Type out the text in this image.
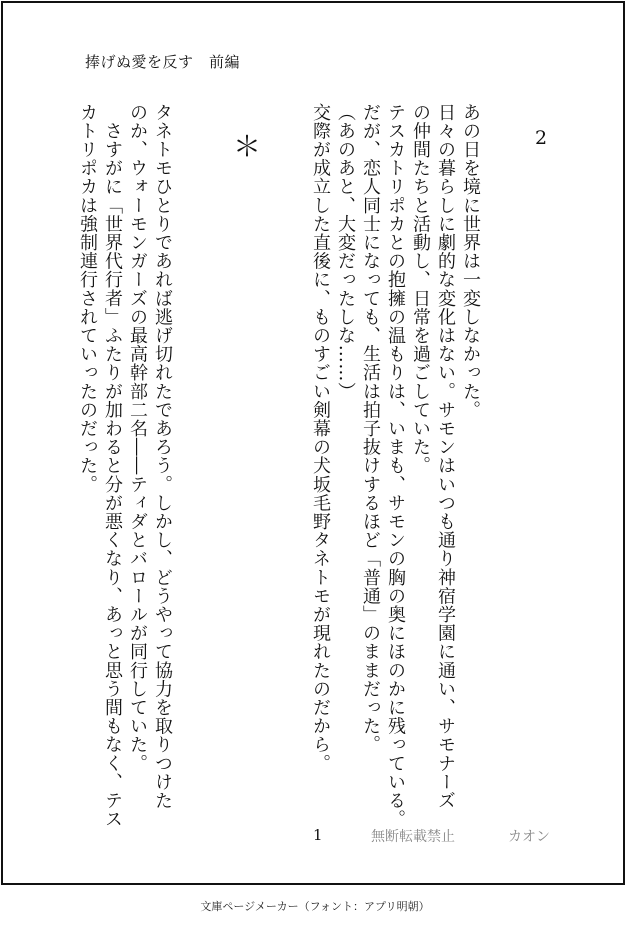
捧げぬ愛を反す　前編
2
あの日を境に世界は一変しなかった。
日々の暮らしに劇的な変化はない。サモンはいつも通り神宿学園に通い、サモナーズ
の仲間たちと活動し、日常を過ごしていた。
テスカトリポカとの抱擁の温もりは、いまも、サモンの胸の奥にほのかに残っている。
だが、恋人同士になっても、生活は拍子抜けするほど「普通」のままだった。
（あのあと、大変だったしな……）
交際が成立した直後に、ものすごい剣幕の犬坂毛野タネトモが現れたのだから。
＊
タネトモひとりであれば逃げ切れたであろう。しかし、どうやって協力を取りつけた
のか、ウォーモンガーズの最高幹部二名――ティダとバロールが同行していた。
　さすがに「世界代行者」ふたりが加わると分が悪くなり、あっと思う間もなく、テス
カトリポカは強制連行されていったのだった。
1	無断転載禁止	カオン
文庫ページメーカー（フォント：アプリ明朝）
